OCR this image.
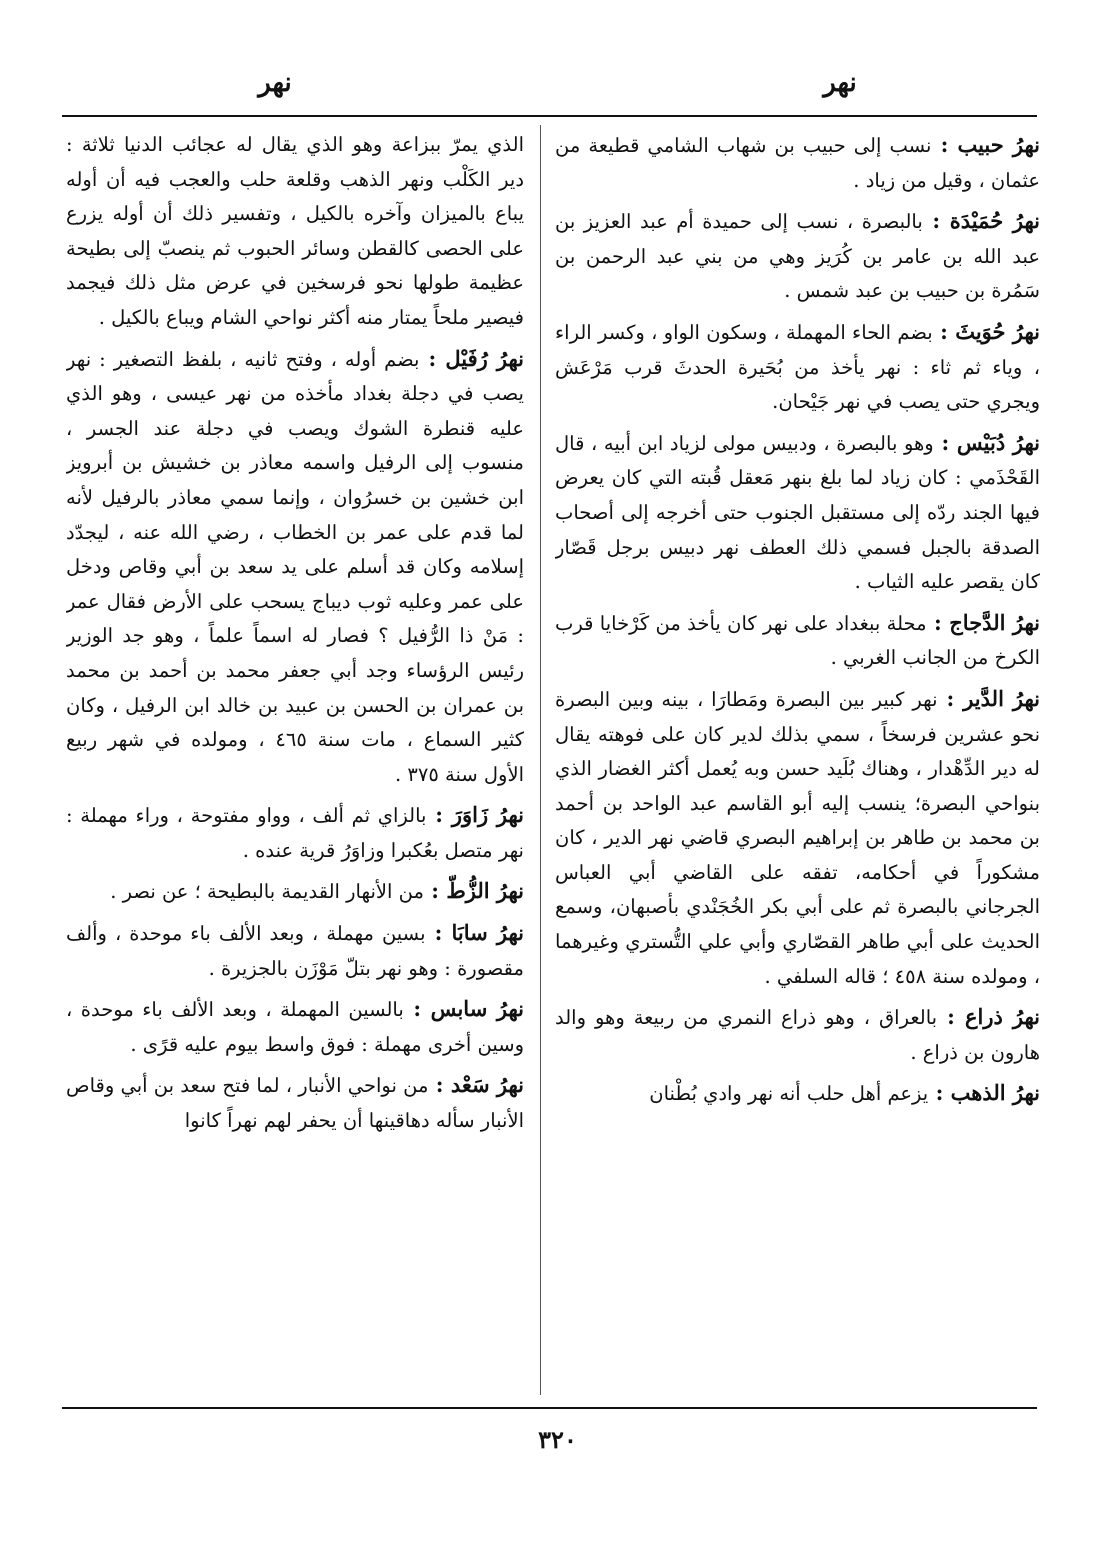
نهر
نهر
نهرُ حبيب :نسب إلى حبيب بن شهاب الشامي قطيعة من عثمان ، وقيل من زياد .
نهرُ حُمَيْدَة :بالبصرة ، نسب إلى حميدة أم عبد العزيز بن عبد الله بن عامر بن كُرَيز وهي من بني عبد الرحمن بن سَمُرة بن حبيب بن عبد شمس .
نهرُ حُوَيثَ :بضم الحاء المهملة ، وسكون الواو ، وكسر الراء ، وياء ثم ثاء : نهر يأخذ من بُحَيرة الحدثَ قرب مَرْعَش ويجري حتى يصب في نهر جَيْحان.
نهرُ دُبَيْس :وهو بالبصرة ، ودبيس مولى لزياد ابن أبيه ، قال القَحْذَمي : كان زياد لما بلغ بنهر مَعقل قُبته التي كان يعرض فيها الجند ردّه إلى مستقبل الجنوب حتى أخرجه إلى أصحاب الصدقة بالجبل فسمي ذلك العطف نهر دبيس برجل قَصّار كان يقصر عليه الثياب .
نهرُ الدَّجاج :محلة ببغداد على نهر كان يأخذ من كَرْخايا قرب الكرخ من الجانب الغربي .
نهرُ الدَّير :نهر كبير بين البصرة ومَطارَا ، بينه وبين البصرة نحو عشرين فرسخاً ، سمي بذلك لدير كان على فوهته يقال له دير الدِّهْدار ، وهناك بُلَيد حسن وبه يُعمل أكثر الغضار الذي بنواحي البصرة؛ ينسب إليه أبو القاسم عبد الواحد بن أحمد بن محمد بن طاهر بن إبراهيم البصري قاضي نهر الدير ، كان مشكوراً في أحكامه، تفقه على القاضي أبي العباس الجرجاني بالبصرة ثم على أبي بكر الخُجَنْدي بأصبهان، وسمع الحديث على أبي طاهر القصّاري وأبي علي التُّستري وغيرهما ، ومولده سنة ٤٥٨ ؛ قاله السلفي .
نهرُ ذراع :بالعراق ، وهو ذراع النمري من ربيعة وهو والد هارون بن ذراع .
نهرُ الذهب :يزعم أهل حلب أنه نهر وادي بُطْنان
الذي يمرّ ببزاعة وهو الذي يقال له عجائب الدنيا ثلاثة : دير الكَلْب ونهر الذهب وقلعة حلب والعجب فيه أن أوله يباع بالميزان وآخره بالكيل ، وتفسير ذلك أن أوله يزرع على الحصى كالقطن وسائر الحبوب ثم ينصبّ إلى بطيحة عظيمة طولها نحو فرسخين في عرض مثل ذلك فيجمد فيصير ملحاً يمتار منه أكثر نواحي الشام ويباع بالكيل .
نهرُ رُفَيْل :بضم أوله ، وفتح ثانيه ، بلفظ التصغير : نهر يصب في دجلة بغداد مأخذه من نهر عيسى ، وهو الذي عليه قنطرة الشوك ويصب في دجلة عند الجسر ، منسوب إلى الرفيل واسمه معاذر بن خشيش بن أبرويز ابن خشين بن خسرُوان ، وإنما سمي معاذر بالرفيل لأنه لما قدم على عمر بن الخطاب ، رضي الله عنه ، ليجدّد إسلامه وكان قد أسلم على يد سعد بن أبي وقاص ودخل على عمر وعليه ثوب ديباج يسحب على الأرض فقال عمر : مَنْ ذا الرُّفيل ؟ فصار له اسماً علماً ، وهو جد الوزير رئيس الرؤساء وجد أبي جعفر محمد بن أحمد بن محمد بن عمران بن الحسن بن عبيد بن خالد ابن الرفيل ، وكان كثير السماع ، مات سنة ٤٦٥ ، ومولده في شهر ربيع الأول سنة ٣٧٥ .
نهرُ زَاوَرَ :بالزاي ثم ألف ، وواو مفتوحة ، وراء مهملة : نهر متصل بعُكبرا وزاوَرُ قرية عنده .
نهرُ الزُّطّ :من الأنهار القديمة بالبطيحة ؛ عن نصر .
نهرُ سابَا :بسين مهملة ، وبعد الألف باء موحدة ، وألف مقصورة : وهو نهر بتلّ مَوْزَن بالجزيرة .
نهرُ سابس :بالسين المهملة ، وبعد الألف باء موحدة ، وسين أخرى مهملة : فوق واسط بيوم عليه قرًى .
نهرُ سَعْد :من نواحي الأنبار ، لما فتح سعد بن أبي وقاص الأنبار سأله دهاقينها أن يحفر لهم نهراً كانوا
٣٢٠
